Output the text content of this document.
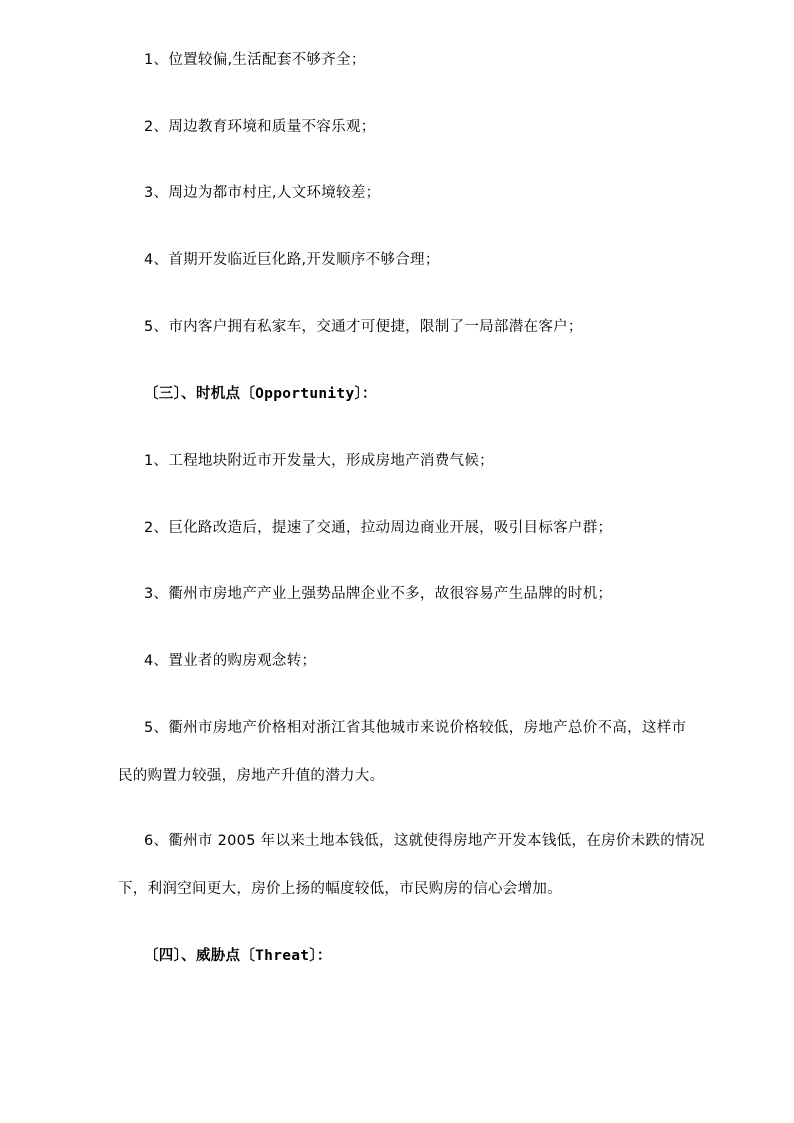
1、位置较偏,生活配套不够齐全；
2、周边教育环境和质量不容乐观；
3、周边为都市村庄,人文环境较差；
4、首期开发临近巨化路,开发顺序不够合理；
5、市内客户拥有私家车，交通才可便捷，限制了一局部潜在客户；
〔三〕、时机点〔Opportunity〕：
1、工程地块附近市开发量大，形成房地产消费气候；
2、巨化路改造后，提速了交通，拉动周边商业开展，吸引目标客户群；
3、衢州市房地产产业上强势品牌企业不多，故很容易产生品牌的时机；
4、置业者的购房观念转；
5、衢州市房地产价格相对浙江省其他城市来说价格较低，房地产总价不高，这样市
民的购置力较强，房地产升值的潜力大。
6、衢州市 2005 年以来土地本钱低，这就使得房地产开发本钱低，在房价未跌的情况
下，利润空间更大，房价上扬的幅度较低，市民购房的信心会增加。
〔四〕、威胁点〔Threat〕：
